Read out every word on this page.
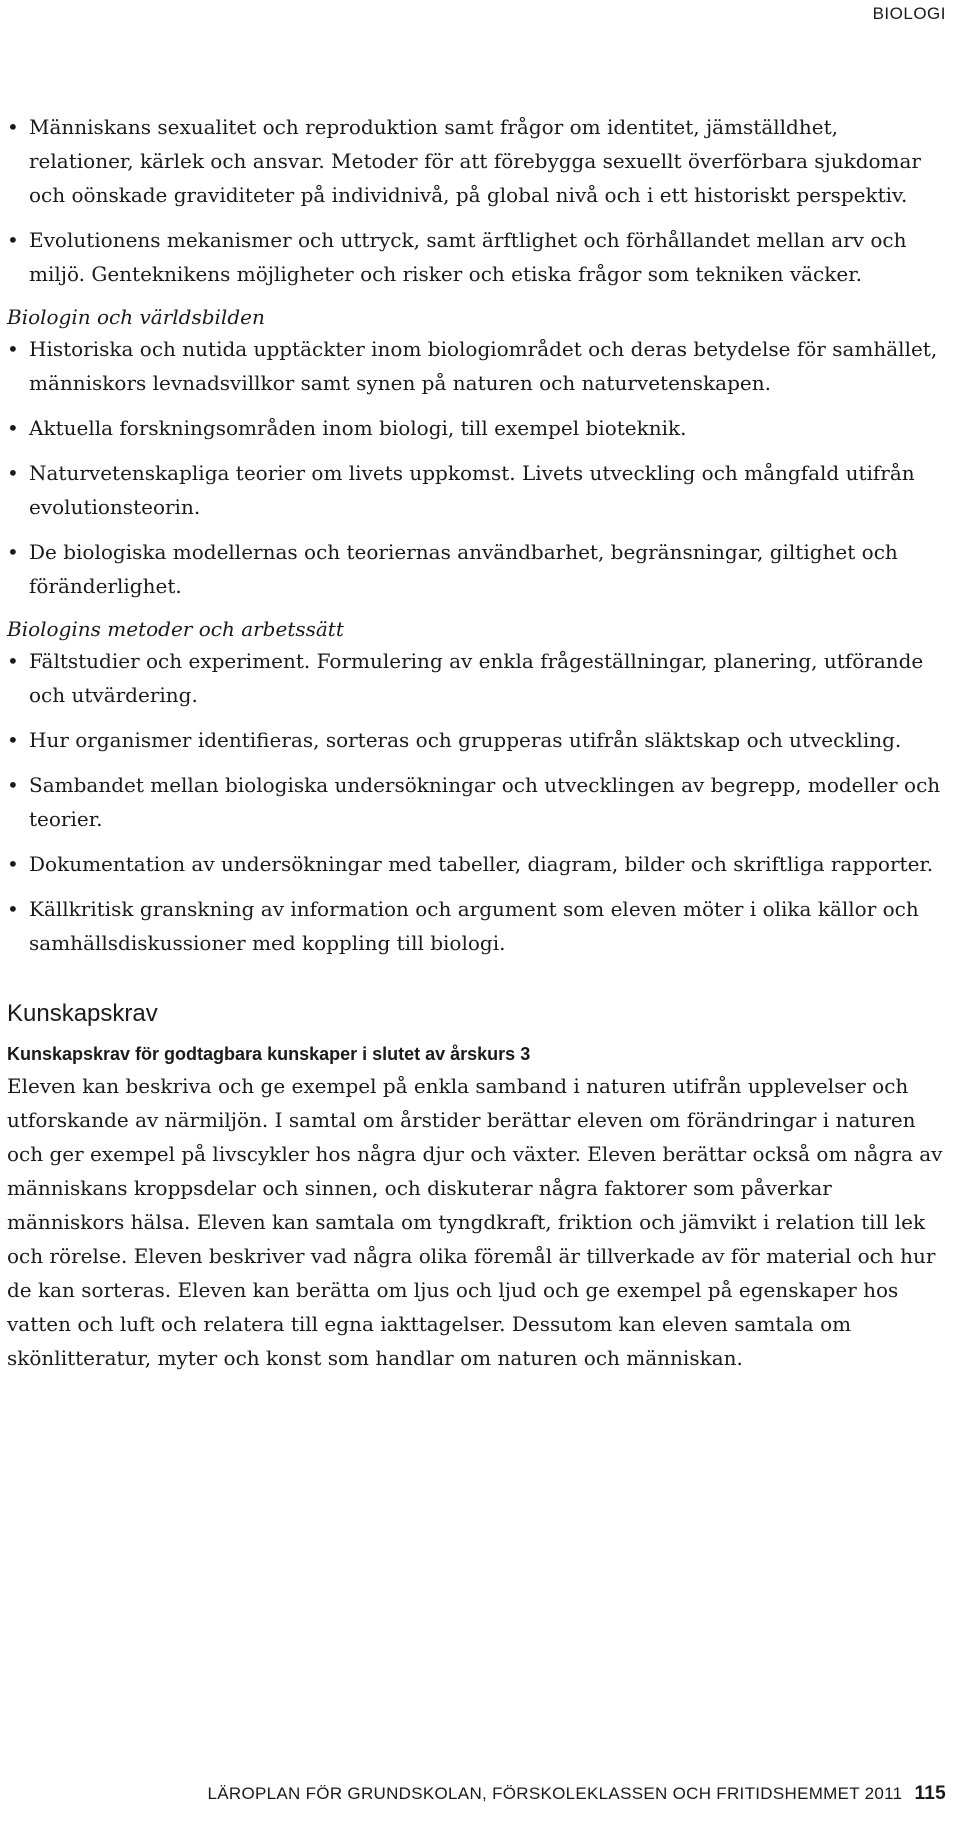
BIOLOGI
• Människans sexualitet och reproduktion samt frågor om identitet, jämställdhet, relationer, kärlek och ansvar. Metoder för att förebygga sexuellt överförbara sjukdomar och oönskade graviditeter på individnivå, på global nivå och i ett historiskt perspektiv.
• Evolutionens mekanismer och uttryck, samt ärftlighet och förhållandet mellan arv och miljö. Genteknikens möjligheter och risker och etiska frågor som tekniken väcker.
Biologin och världsbilden
• Historiska och nutida upptäckter inom biologiområdet och deras betydelse för samhället, människors levnadsvillkor samt synen på naturen och naturvetenskapen.
• Aktuella forskningsområden inom biologi, till exempel bioteknik.
• Naturvetenskapliga teorier om livets uppkomst. Livets utveckling och mångfald utifrån evolutionsteorin.
• De biologiska modellernas och teoriernas användbarhet, begränsningar, giltighet och föränderlighet.
Biologins metoder och arbetssätt
• Fältstudier och experiment. Formulering av enkla frågeställningar, planering, utförande och utvärdering.
• Hur organismer identifieras, sorteras och grupperas utifrån släktskap och utveckling.
• Sambandet mellan biologiska undersökningar och utvecklingen av begrepp, modeller och teorier.
• Dokumentation av undersökningar med tabeller, diagram, bilder och skriftliga rapporter.
• Källkritisk granskning av information och argument som eleven möter i olika källor och samhällsdiskussioner med koppling till biologi.
Kunskapskrav
Kunskapskrav för godtagbara kunskaper i slutet av årskurs 3

Eleven kan beskriva och ge exempel på enkla samband i naturen utifrån upplevelser och utforskande av närmiljön. I samtal om årstider berättar eleven om förändringar i naturen och ger exempel på livscykler hos några djur och växter. Eleven berättar också om några av människans kroppsdelar och sinnen, och diskuterar några faktorer som påverkar människors hälsa. Eleven kan samtala om tyngdkraft, friktion och jämvikt i relation till lek och rörelse. Eleven beskriver vad några olika föremål är tillverkade av för material och hur de kan sorteras. Eleven kan berätta om ljus och ljud och ge exempel på egenskaper hos vatten och luft och relatera till egna iakttagelser. Dessutom kan eleven samtala om skönlitteratur, myter och konst som handlar om naturen och människan.

LÄROPLAN FÖR GRUNDSKOLAN, FÖRSKOLEKLASSEN OCH FRITIDSHEMMET 2011 115
